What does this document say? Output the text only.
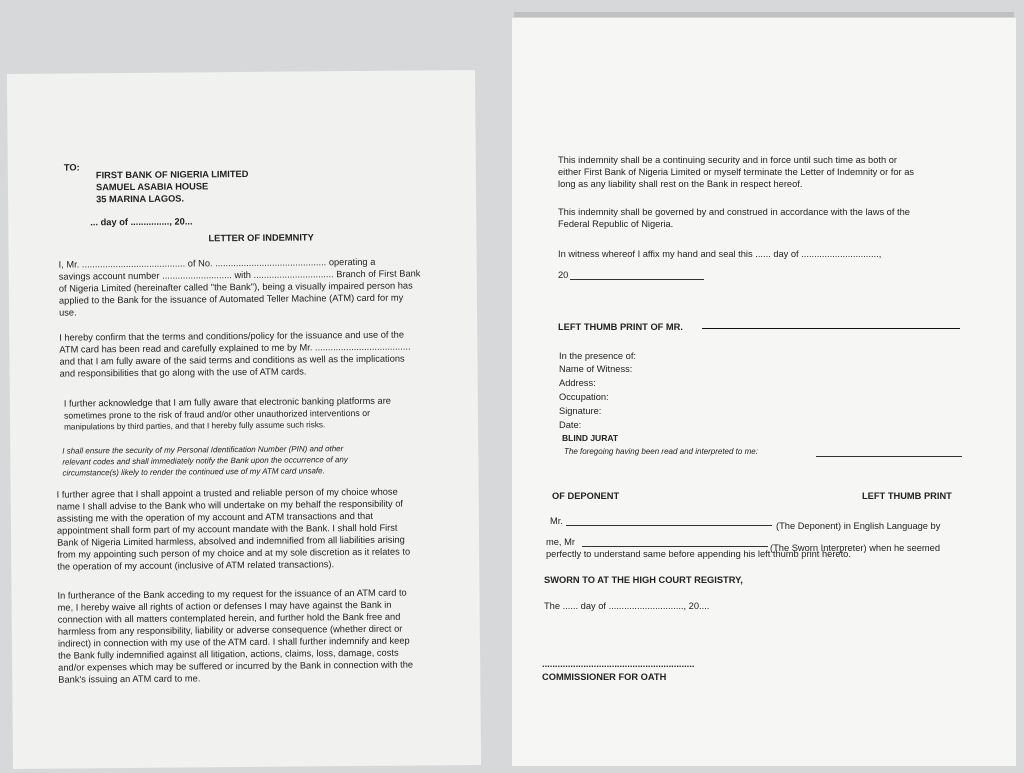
TO:
FIRST BANK OF NIGERIA LIMITED
SAMUEL ASABIA HOUSE
35 MARINA LAGOS.
... day of ..............., 20...
LETTER OF INDEMNITY
I, Mr. ........................................ of No. ........................................... operating a
savings account number ........................... with ............................... Branch of First Bank
of Nigeria Limited (hereinafter called "the Bank"), being a visually impaired person has
applied to the Bank for the issuance of Automated Teller Machine (ATM) card for my
use.
I hereby confirm that the terms and conditions/policy for the issuance and use of the
ATM card has been read and carefully explained to me by Mr. .....................................
and that I am fully aware of the said terms and conditions as well as the implications
and responsibilities that go along with the use of ATM cards.
I further acknowledge that I am fully aware that electronic banking platforms are
sometimes prone to the risk of fraud and/or other unauthorized interventions or
manipulations by third parties, and that I hereby fully assume such risks.
I shall ensure the security of my Personal Identification Number (PIN) and other
relevant codes and shall immediately notify the Bank upon the occurrence of any
circumstance(s) likely to render the continued use of my ATM card unsafe.
I further agree that I shall appoint a trusted and reliable person of my choice whose
name I shall advise to the Bank who will undertake on my behalf the responsibility of
assisting me with the operation of my account and ATM transactions and that
appointment shall form part of my account mandate with the Bank. I shall hold First
Bank of Nigeria Limited harmless, absolved and indemnified from all liabilities arising
from my appointing such person of my choice and at my sole discretion as it relates to
the operation of my account (inclusive of ATM related transactions).
In furtherance of the Bank acceding to my request for the issuance of an ATM card to
me, I hereby waive all rights of action or defenses I may have against the Bank in
connection with all matters contemplated herein, and further hold the Bank free and
harmless from any responsibility, liability or adverse consequence (whether direct or
indirect) in connection with my use of the ATM card. I shall further indemnify and keep
the Bank fully indemnified against all litigation, actions, claims, loss, damage, costs
and/or expenses which may be suffered or incurred by the Bank in connection with the
Bank's issuing an ATM card to me.
This indemnity shall be a continuing security and in force until such time as both or
either First Bank of Nigeria Limited or myself terminate the Letter of Indemnity or for as
long as any liability shall rest on the Bank in respect hereof.
This indemnity shall be governed by and construed in accordance with the laws of the
Federal Republic of Nigeria.
In witness whereof I affix my hand and seal this ...... day of ..............................,
20
LEFT THUMB PRINT OF MR.
In the presence of:
Name of Witness:
Address:
Occupation:
Signature:
Date:
BLIND JURAT
The foregoing having been read and interpreted to me:
OF DEPONENT	LEFT THUMB PRINT
Mr.	(The Deponent) in English Language by
me, Mr
(The Sworn Interpreter) when he seemed
perfectly to understand same before appending his left thumb print hereto.
SWORN TO AT THE HIGH COURT REGISTRY,
The ...... day of ............................., 20....
...........................................................
COMMISSIONER FOR OATH
